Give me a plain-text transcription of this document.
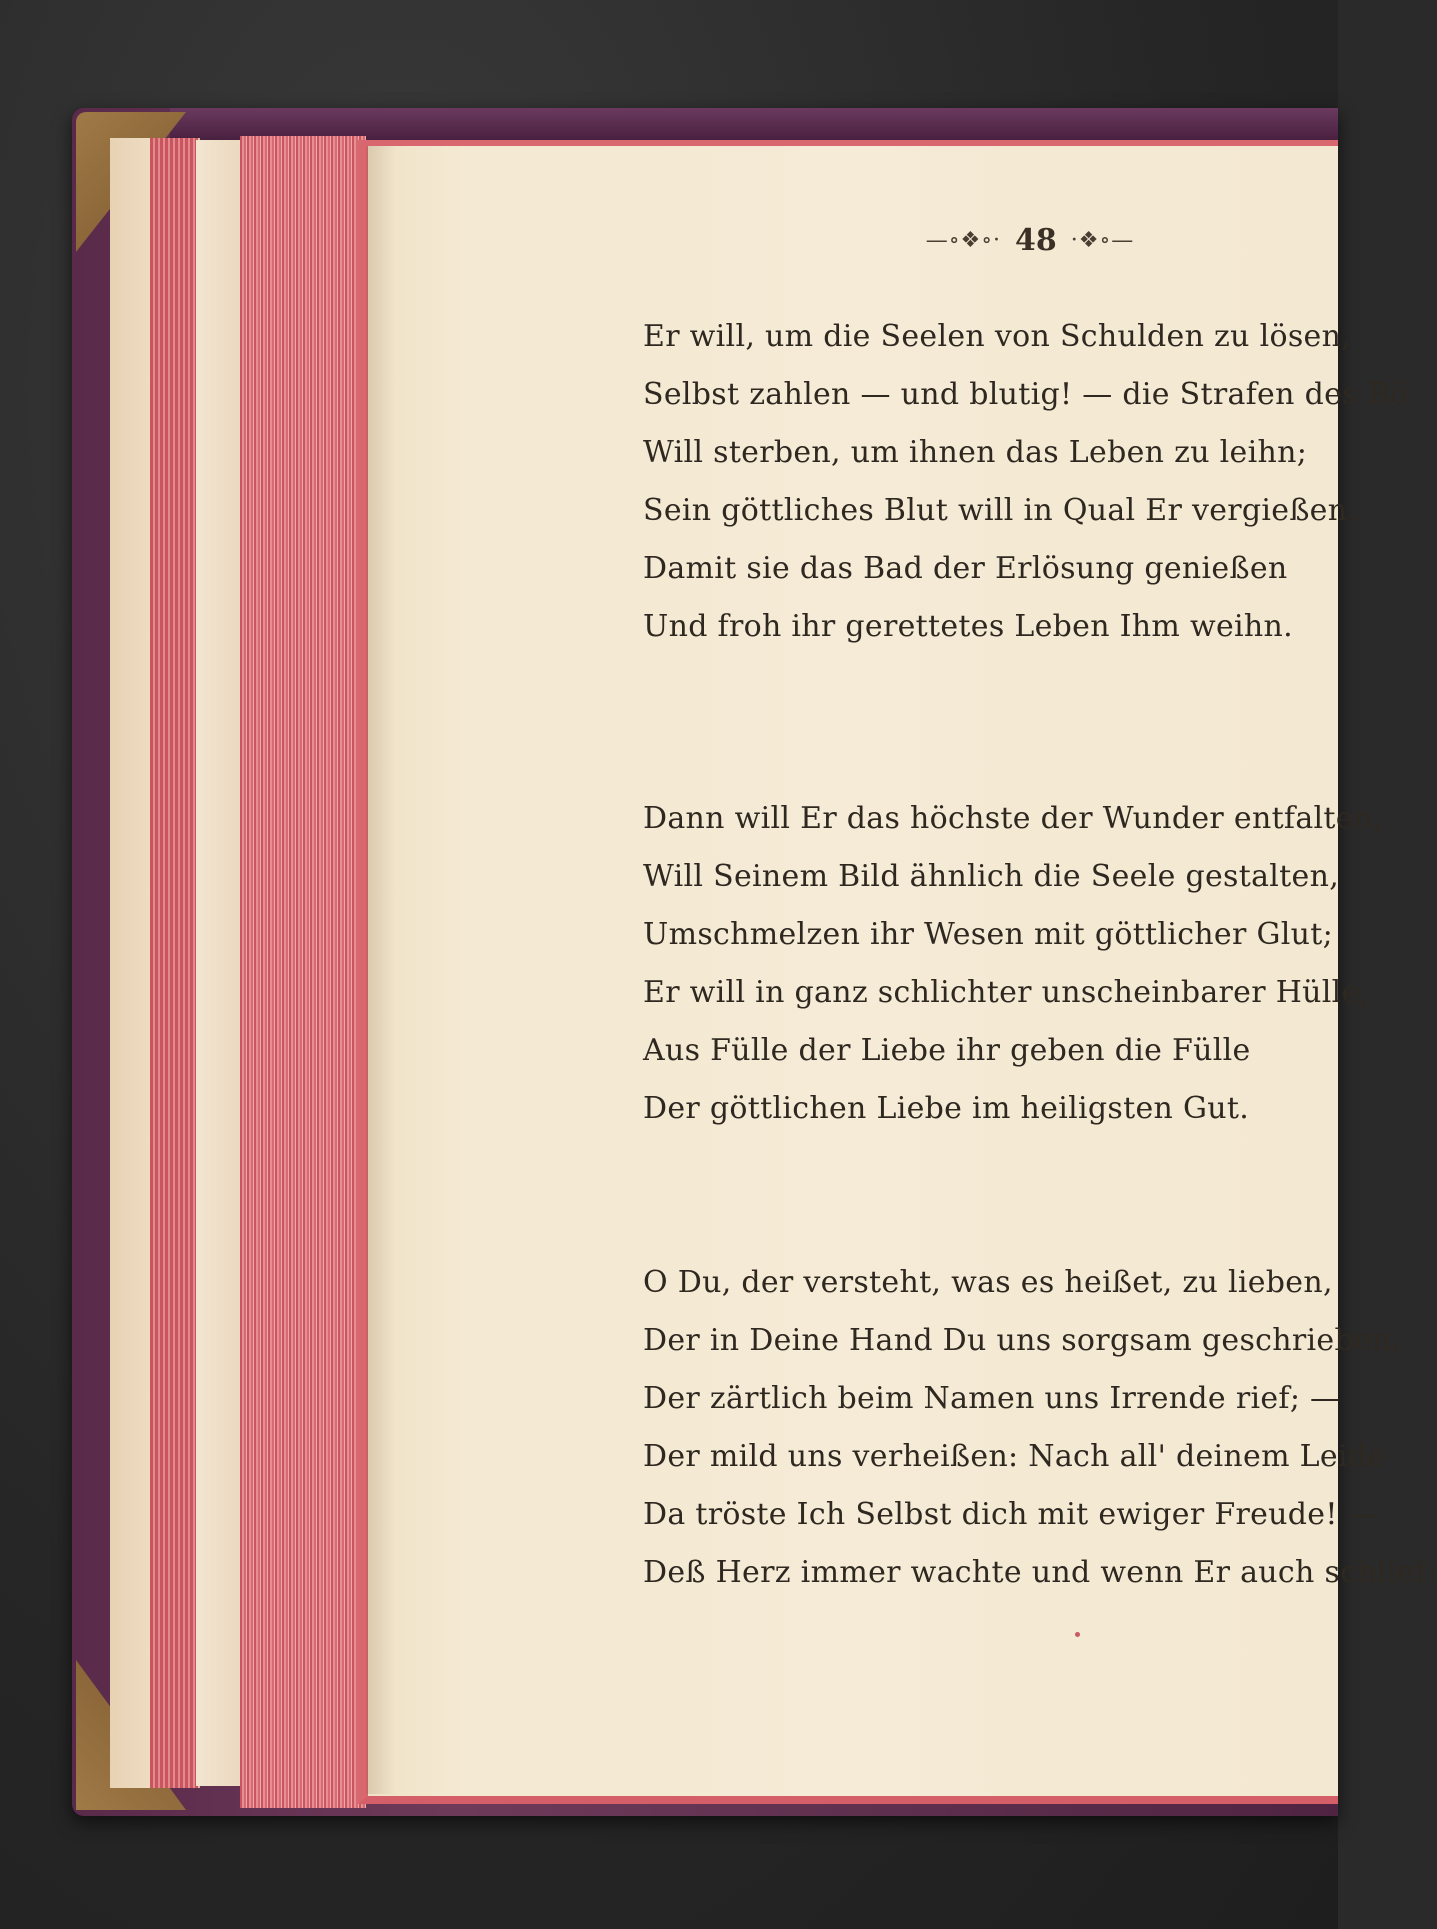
—∘❖∘· 48 ·❖∘—
Er will, um die Seelen von Schulden zu lösen,
Selbst zahlen — und blutig! — die Strafen des Bö
Will sterben, um ihnen das Leben zu leihn;
Sein göttliches Blut will in Qual Er vergießen,
Damit sie das Bad der Erlösung genießen
Und froh ihr gerettetes Leben Ihm weihn.
Dann will Er das höchste der Wunder entfalten,
Will Seinem Bild ähnlich die Seele gestalten,
Umschmelzen ihr Wesen mit göttlicher Glut;
Er will in ganz schlichter unscheinbarer Hülle,
Aus Fülle der Liebe ihr geben die Fülle
Der göttlichen Liebe im heiligsten Gut.
O Du, der versteht, was es heißet, zu lieben,
Der in Deine Hand Du uns sorgsam geschrieben,
Der zärtlich beim Namen uns Irrende rief; —
Der mild uns verheißen: Nach all' deinem Leide
Da tröste Ich Selbst dich mit ewiger Freude! —
Deß Herz immer wachte und wenn Er auch schlief:
